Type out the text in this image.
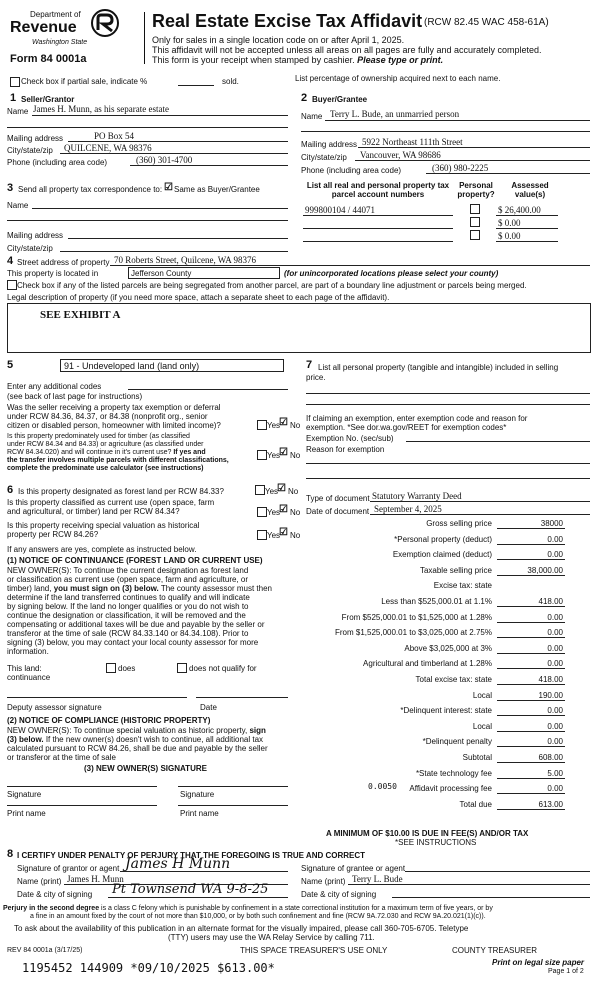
Department of
Revenue
Washington State
Form 84 0001a
Real Estate Excise Tax Affidavit (RCW 82.45 WAC 458-61A)
Only for sales in a single location code on or after April 1, 2025.
This affidavit will not be accepted unless all areas on all pages are fully and accurately completed.
This form is your receipt when stamped by cashier. Please type or print.
Check box if partial sale, indicate %	sold.	List percentage of ownership acquired next to each name.
1 Seller/Grantor
Name James H. Munn, as his separate estate
Mailing address	PO Box 54
City/state/zip QUILCENE, WA 98376
Phone (including area code)	(360) 301-4700
2 Buyer/Grantee
Name Terry L. Bude, an unmarried person
Mailing address 5922 Northeast 111th Street
City/state/zip Vancouver, WA 98686
Phone (including area code)	(360) 980-2225
3 Send all property tax correspondence to: ☑ Same as Buyer/Grantee
Name
Mailing address
City/state/zip
List all real and personal property tax parcel account numbers
Personal property?
Assessed value(s)
999800104 / 44071	$ 26,400.00
$ 0.00
$ 0.00
4 Street address of property 70 Roberts Street, Quilcene, WA 98376
This property is located in	Jefferson County	(for unincorporated locations please select your county)
Check box if any of the listed parcels are being segregated from another parcel, are part of a boundary line adjustment or parcels being merged.
Legal description of property (if you need more space, attach a separate sheet to each page of the affidavit).
SEE EXHIBIT A
5	91 - Undeveloped land (land only)
Enter any additional codes
(see back of last page for instructions)
Was the seller receiving a property tax exemption or deferral
under RCW 84.36, 84.37, or 84.38 (nonprofit org., senior
citizen or disabled person, homeowner with limited income)?	Yes
☑ No
Is this property predominately used for timber (as classified
under RCW 84.34 and 84.33) or agriculture (as classified under
RCW 84.34.020) and will continue in it's current use? If yes and
the transfer involves multiple parcels with different classifications,
complete the predominate use calculator (see instructions)
Yes
☑ No
6 Is this property designated as forest land per RCW 84.33?	Yes
☑ No
Is this property classified as current use (open space, farm
and agricultural, or timber) land per RCW 84.34?	Yes
☑ No
Is this property receiving special valuation as historical
property per RCW 84.26?	Yes
☑ No
If any answers are yes, complete as instructed below.
(1) NOTICE OF CONTINUANCE (FOREST LAND OR CURRENT USE)
NEW OWNER(S): To continue the current designation as forest land
or classification as current use (open space, farm and agriculture, or
timber) land, you must sign on (3) below. The county assessor must then
determine if the land transferred continues to qualify and will indicate
by signing below. If the land no longer qualifies or you do not wish to
continue the designation or classification, it will be removed and the
compensating or additional taxes will be due and payable by the seller or
transferor at the time of sale (RCW 84.33.140 or 84.34.108). Prior to
signing (3) below, you may contact your local county assessor for more
information.
This land:	does	does not qualify for
continuance
Deputy assessor signature	Date
(2) NOTICE OF COMPLIANCE (HISTORIC PROPERTY)
NEW OWNER(S): To continue special valuation as historic property, sign
(3) below. If the new owner(s) doesn't wish to continue, all additional tax
calculated pursuant to RCW 84.26, shall be due and payable by the seller
or transferor at the time of sale
(3) NEW OWNER(S) SIGNATURE
Signature	Signature
Print name	Print name
7 List all personal property (tangible and intangible) included in selling
price.
If claiming an exemption, enter exemption code and reason for
exemption. *See dor.wa.gov/REET for exemption codes*
Exemption No. (sec/sub)
Reason for exemption
Type of document Statutory Warranty Deed
Date of document September 4, 2025
Gross selling price	38000
*Personal property (deduct)	0.00
Exemption claimed (deduct)	0.00
Taxable selling price	38,000.00
Excise tax: state
Less than $525,000.01 at 1.1%	418.00
From $525,000.01 to $1,525,000 at 1.28%	0.00
From $1,525,000.01 to $3,025,000 at 2.75%	0.00
Above $3,025,000 at 3%	0.00
Agricultural and timberland at 1.28%	0.00
Total excise tax: state	418.00
Local	190.00
*Delinquent interest: state	0.00
Local	0.00
*Delinquent penalty	0.00
Subtotal	608.00
*State technology fee	5.00
Affidavit processing fee	0.00
Total due	613.00
0.0050
A MINIMUM OF $10.00 IS DUE IN FEE(S) AND/OR TAX
*SEE INSTRUCTIONS
8 I CERTIFY UNDER PENALTY OF PERJURY THAT THE FOREGOING IS TRUE AND CORRECT
Signature of grantor or agent James H Munn	Signature of grantee or agent
Name (print) James H. Munn	Name (print) Terry L. Bude
Date & city of signing Pt Townsend WA 9-8-25	Date & city of signing
Perjury in the second degree is a class C felony which is punishable by confinement in a state correctional institution for a maximum term of five years, or by
a fine in an amount fixed by the court of not more than $10,000, or by both such confinement and fine (RCW 9A.72.030 and RCW 9A.20.021(1)(c)).
To ask about the availability of this publication in an alternate format for the visually impaired, please call 360-705-6705. Teletype
(TTY) users may use the WA Relay Service by calling 711.
REV 84 0001a (3/17/25)	THIS SPACE TREASURER'S USE ONLY	COUNTY TREASURER
1195452 144909 *09/10/2025 $613.00*	Print on legal size paper
Page 1 of 2
